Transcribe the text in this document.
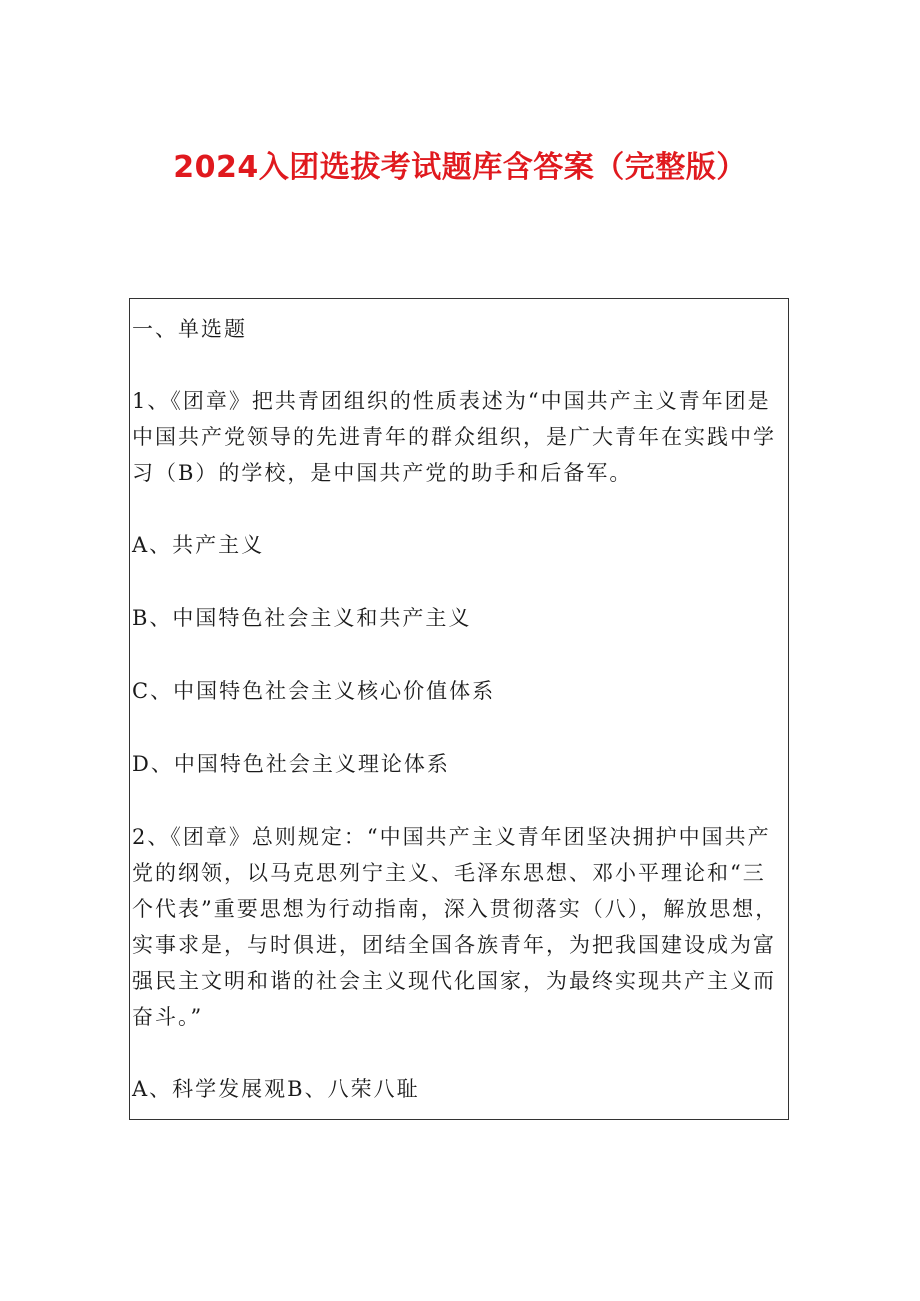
2024入团选拔考试题库含答案（完整版）

一、单选题

1、《团章》把共青团组织的性质表述为“中国共产主义青年团是中国共产党领导的先进青年的群众组织，是广大青年在实践中学习（B）的学校，是中国共产党的助手和后备军。

A、共产主义

B、中国特色社会主义和共产主义

C、中国特色社会主义核心价值体系

D、中国特色社会主义理论体系

2、《团章》总则规定：“中国共产主义青年团坚决拥护中国共产党的纲领，以马克思列宁主义、毛泽东思想、邓小平理论和“三个代表”重要思想为行动指南，深入贯彻落实（八），解放思想，实事求是，与时俱进，团结全国各族青年，为把我国建设成为富强民主文明和谐的社会主义现代化国家，为最终实现共产主义而奋斗。”

A、科学发展观B、八荣八耻
